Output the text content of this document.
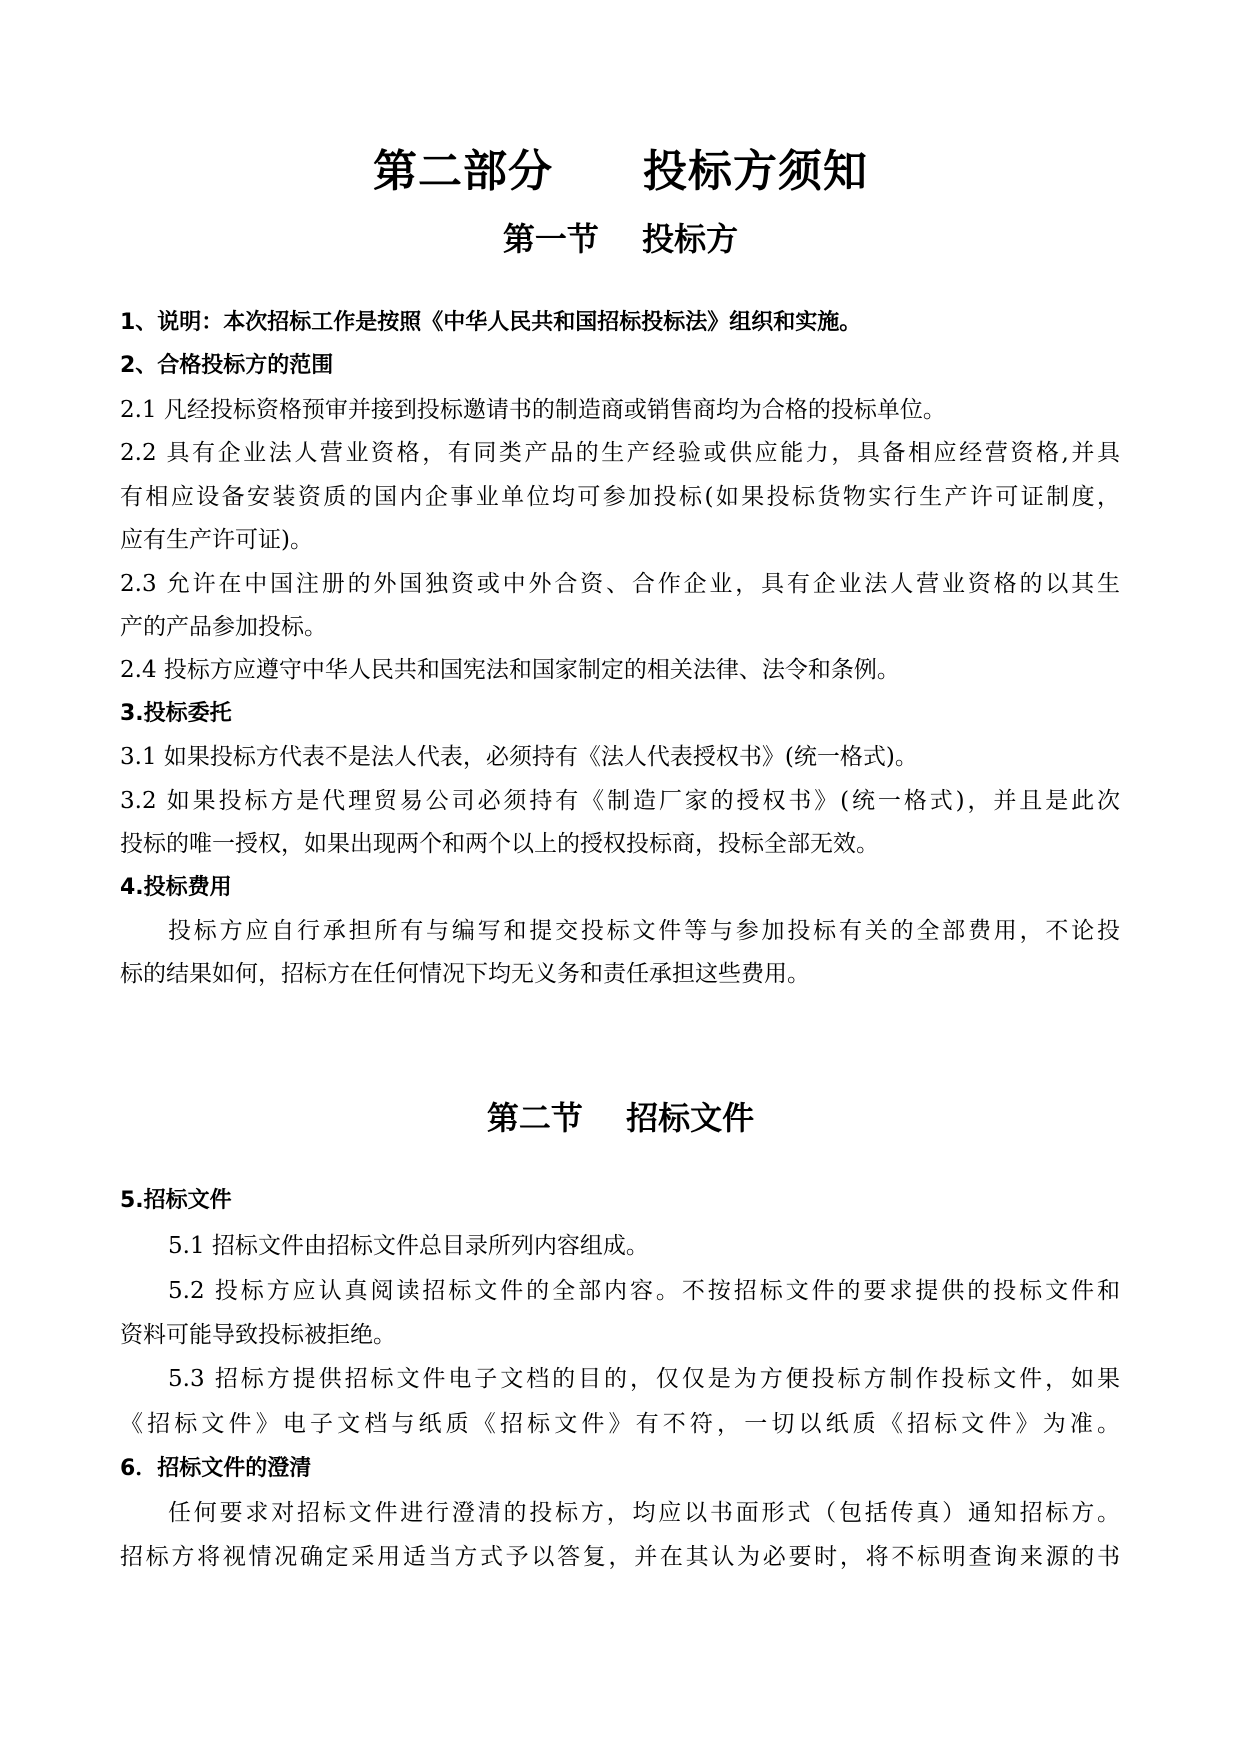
第二部分　　投标方须知
第一节　 投标方
1、说明：本次招标工作是按照《中华人民共和国招标投标法》组织和实施。
2、合格投标方的范围
2.1 凡经投标资格预审并接到投标邀请书的制造商或销售商均为合格的投标单位。
2.2 具有企业法人营业资格，有同类产品的生产经验或供应能力，具备相应经营资格,并具
有相应设备安装资质的国内企事业单位均可参加投标(如果投标货物实行生产许可证制度，
应有生产许可证)。
2.3 允许在中国注册的外国独资或中外合资、合作企业，具有企业法人营业资格的以其生
产的产品参加投标。
2.4 投标方应遵守中华人民共和国宪法和国家制定的相关法律、法令和条例。
3.投标委托
3.1 如果投标方代表不是法人代表，必须持有《法人代表授权书》(统一格式)。
3.2 如果投标方是代理贸易公司必须持有《制造厂家的授权书》(统一格式)，并且是此次
投标的唯一授权，如果出现两个和两个以上的授权投标商，投标全部无效。
4.投标费用
投标方应自行承担所有与编写和提交投标文件等与参加投标有关的全部费用，不论投
标的结果如何，招标方在任何情况下均无义务和责任承担这些费用。
第二节　 招标文件
5.招标文件
5.1 招标文件由招标文件总目录所列内容组成。
5.2 投标方应认真阅读招标文件的全部内容。不按招标文件的要求提供的投标文件和
资料可能导致投标被拒绝。
5.3 招标方提供招标文件电子文档的目的，仅仅是为方便投标方制作投标文件，如果
《招标文件》电子文档与纸质《招标文件》有不符，一切以纸质《招标文件》为准。
6．招标文件的澄清
任何要求对招标文件进行澄清的投标方，均应以书面形式（包括传真）通知招标方。
招标方将视情况确定采用适当方式予以答复，并在其认为必要时，将不标明查询来源的书
